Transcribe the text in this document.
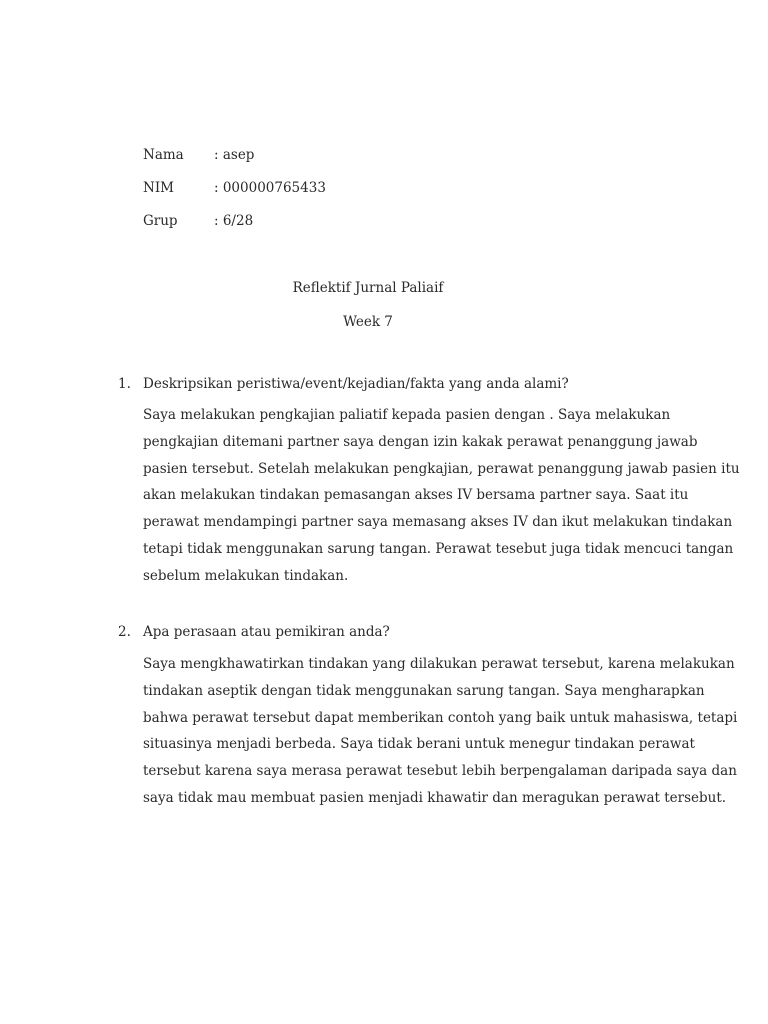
Nama : asep
NIM	: 000000765433
Grup	: 6/28
Reflektif Jurnal Paliaif
Week 7
1. Deskripsikan peristiwa/event/kejadian/fakta yang anda alami?
Saya melakukan pengkajian paliatif kepada pasien dengan . Saya melakukan
pengkajian ditemani partner saya dengan izin kakak perawat penanggung jawab
pasien tersebut. Setelah melakukan pengkajian, perawat penanggung jawab pasien itu
akan melakukan tindakan pemasangan akses IV bersama partner saya. Saat itu
perawat mendampingi partner saya memasang akses IV dan ikut melakukan tindakan
tetapi tidak menggunakan sarung tangan. Perawat tesebut juga tidak mencuci tangan
sebelum melakukan tindakan.
2. Apa perasaan atau pemikiran anda?
Saya mengkhawatirkan tindakan yang dilakukan perawat tersebut, karena melakukan
tindakan aseptik dengan tidak menggunakan sarung tangan. Saya mengharapkan
bahwa perawat tersebut dapat memberikan contoh yang baik untuk mahasiswa, tetapi
situasinya menjadi berbeda. Saya tidak berani untuk menegur tindakan perawat
tersebut karena saya merasa perawat tesebut lebih berpengalaman daripada saya dan
saya tidak mau membuat pasien menjadi khawatir dan meragukan perawat tersebut.
